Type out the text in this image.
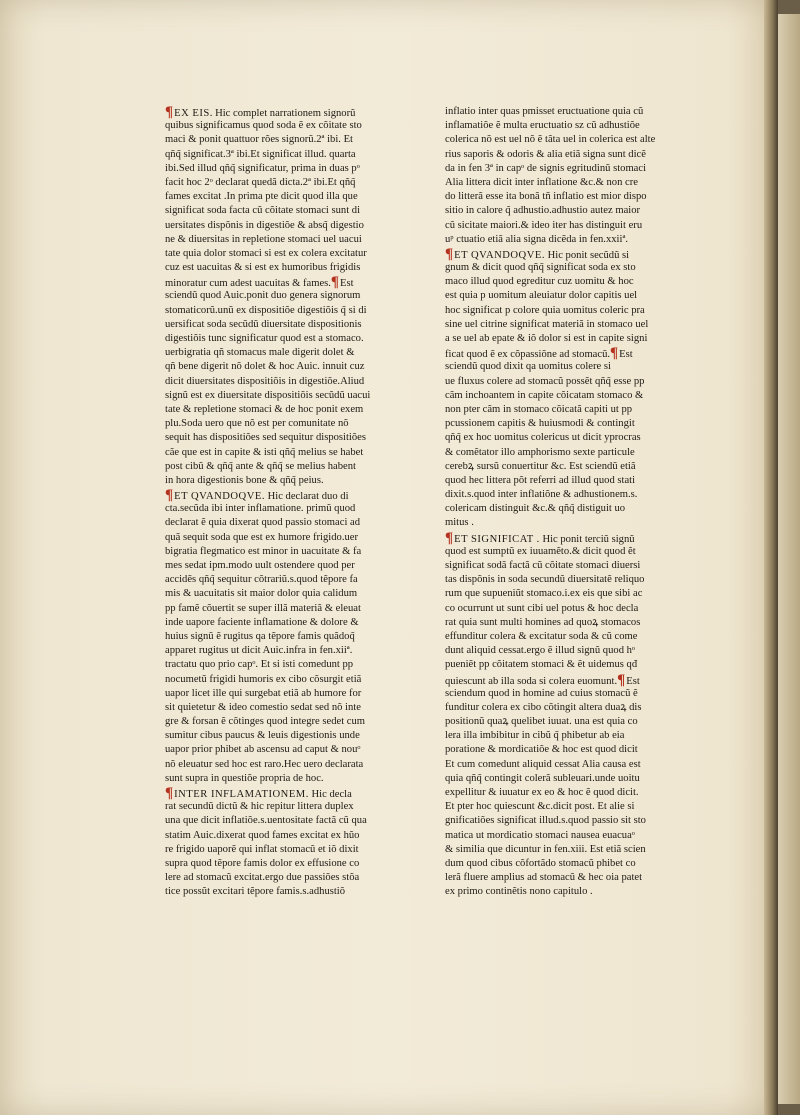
¶EX EIS. Hic complet narrationem signorũ
quibus significamus quod soda ẽ ex cõitate sto
maci & ponit quattuor rões signorũ.2ª ibi. Et
qñq̃ significat.3ª ibi.Et significat illud. quarta
ibi.Sed illud qñq̃ significatur, prima in duas pᵒ
facit hoc 2ᵒ declarat quedã dicta.2ª ibi.Et qñq̃
fames excitat .In prima pte dicit quod illa que
significat soda facta cũ cõitate stomaci sunt di
uersitates dispõnis in digestiõe & absq̃ digestio
ne & diuersitas in repletione stomaci uel uacui
tate quia dolor stomaci si est ex colera excitatur
cuz est uacuitas & si est ex humoribus frigidis
minoratur cum adest uacuitas & fames.¶Est
sciendũ quod Auic.ponit duo genera signorum
stomaticorũ.unũ ex dispositiõe digestiõis q̃ si di
uersificat soda secũdũ diuersitate dispositionis
digestiõis tunc significatur quod est a stomaco.
uerbigratia qñ stomacus male digerit dolet &
qñ bene digerit nõ dolet & hoc Auic. innuit cuz
dicit diuersitates dispositiõis in digestiõe.Aliud
signũ est ex diuersitate dispositiõis secũdũ uacui
tate & repletione stomaci & de hoc ponit exem
plu.Soda uero que nõ est per comunitate nõ
sequit has dispositiões sed sequitur dispositiões
cãe que est in capite & isti qñq̃ melius se habet
post cibũ & qñq̃ ante & qñq̃ se melius habent
in hora digestionis bone & qñq̃ peius.
¶ET QVANDOQVE. Hic declarat duo di
cta.secũda ibi inter inflamatione. primũ quod
declarat ẽ quia dixerat quod passio stomaci ad
quã sequit soda que est ex humore frigido.uer
bigratia flegmatico est minor in uacuitate & fa
mes sedat ipm.modo uult ostendere quod per
accidẽs qñq̃ sequitur cõtrariũ.s.quod tẽpore fa
mis & uacuitatis sit maior dolor quia calidum
pp famẽ cõuertit se super illã materiã & eleuat
inde uapore faciente inflamatione & dolore &
huius signũ ẽ rugitus qa tẽpore famis quãdoq̃
apparet rugitus ut dicit Auic.infra in fen.xiiª.
tractatu quo prio capᵒ. Et si isti comedunt pp
nocumetũ frigidi humoris ex cibo cõsurgit etiã
uapor licet ille qui surgebat etiã ab humore for
sit quietetur & ideo comestio sedat sed nõ inte
gre & forsan ẽ cõtinges quod integre sedet cum
sumitur cibus paucus & leuis digestionis unde
uapor prior phibet ab ascensu ad caput & nouᵒ
nõ eleuatur sed hoc est raro.Hec uero declarata
sunt supra in questiõe propria de hoc.
¶INTER INFLAMATIONEM. Hic decla
rat secundũ dictũ & hic repitur littera duplex
una que dicit inflatiõe.s.uentositate factã cũ qua
statim Auic.dixerat quod fames excitat ex hũo
re frigido uaporẽ qui inflat stomacũ et iõ dixit
supra quod tẽpore famis dolor ex effusione co
lere ad stomacũ excitat.ergo due passiões stõa
tice possũt excitari tẽpore famis.s.adhustiõ
inflatio inter quas pmisset eructuatione quia cũ
inflamatiõe ẽ multa eructuatio sz cũ adhustiõe
colerica nõ est uel nõ ẽ tãta uel in colerica est alte
rius saporis & odoris & alia etiã signa sunt dicẽ
da in fen 3ª in capᵒ de signis egritudinũ stomaci
Alia littera dicit inter inflatione &c.& non cre
do litterã esse ita bonã tñ inflatio est mior dispo
sitio in calore q̃ adhustio.adhustio autez maior
cũ sicitate maiori.& ideo iter has distinguit eru
uᵖ ctuatio etiã alia signa dicẽda in fen.xxiiª.
¶ET QVANDOQVE. Hic ponit secũdũ si
gnum & dicit quod qñq̃ significat soda ex sto
maco illud quod egreditur cuz uomitu & hoc
est quia p uomitum aleuiatur dolor capitis uel
hoc significat p colore quia uomitus coleric pra
sine uel citrine significat materiã in stomaco uel
a se uel ab epate & iõ dolor si est in capite signi
ficat quod ẽ ex cõpassiõne ad stomacũ.¶Est
sciendũ quod dixit qa uomitus colere si
ue fluxus colere ad stomacũ possẽt qñq̃ esse pp
cãm inchoantem in capite cõicatam stomaco &
non pter cãm in stomaco cõicatã capiti ut pp
pcussionem capitis & huiusmodi & contingit
qñq̃ ex hoc uomitus colericus ut dicit yprocras
& comẽtator illo amphorismo sexte particule
cerebꝝ sursũ conuertitur &c. Est sciendũ etiã
quod hec littera põt referri ad illud quod stati
dixit.s.quod inter inflatiõne & adhustionem.s.
colericam distinguit &c.& qñq̃ distiguit uo
mitus .
¶ET SIGNIFICAT . Hic ponit terciũ signũ
quod est sumptũ ex iuuamẽto.& dicit quod ẽt
significat sodã factã cũ cõitate stomaci diuersi
tas dispõnis in soda secundũ diuersitatẽ reliquo
rum que supueniũt stomaco.i.ex eis que sibi ac
co ocurrunt ut sunt cibi uel potus & hoc decla
rat quia sunt multi homines ad quoꝝ stomacos
effunditur colera & excitatur soda & cũ come
dunt aliquid cessat.ergo ẽ illud signũ quod hᵒ
pueniẽt pp cõitatem stomaci & ẽt uidemus qđ
quiescunt ab illa soda si colera euomunt.¶Est
sciendum quod in homine ad cuius stomacũ ẽ
funditur colera ex cibo cõtingit altera duaꝝ dis
positionũ quaꝝ quelibet iuuat. una est quia co
lera illa imbibitur in cibũ q̃ phibetur ab eia
poratione & mordicatiõe & hoc est quod dicit
Et cum comedunt aliquid cessat Alia causa est
quia qñq̃ contingit colerã subleuari.unde uoitu
expellitur & iuuatur ex eo & hoc ẽ quod dicit.
Et pter hoc quiescunt &c.dicit post. Et alie si
gnificatiões significat illud.s.quod passio sit sto
matica ut mordicatio stomaci nausea euacuaᵒ
& similia que dicuntur in fen.xiii. Est etiã scien
dum quod cibus cõfortãdo stomacũ phibet co
lerã fluere amplius ad stomacũ & hec oia patet
ex primo continẽtis nono capitulo .
